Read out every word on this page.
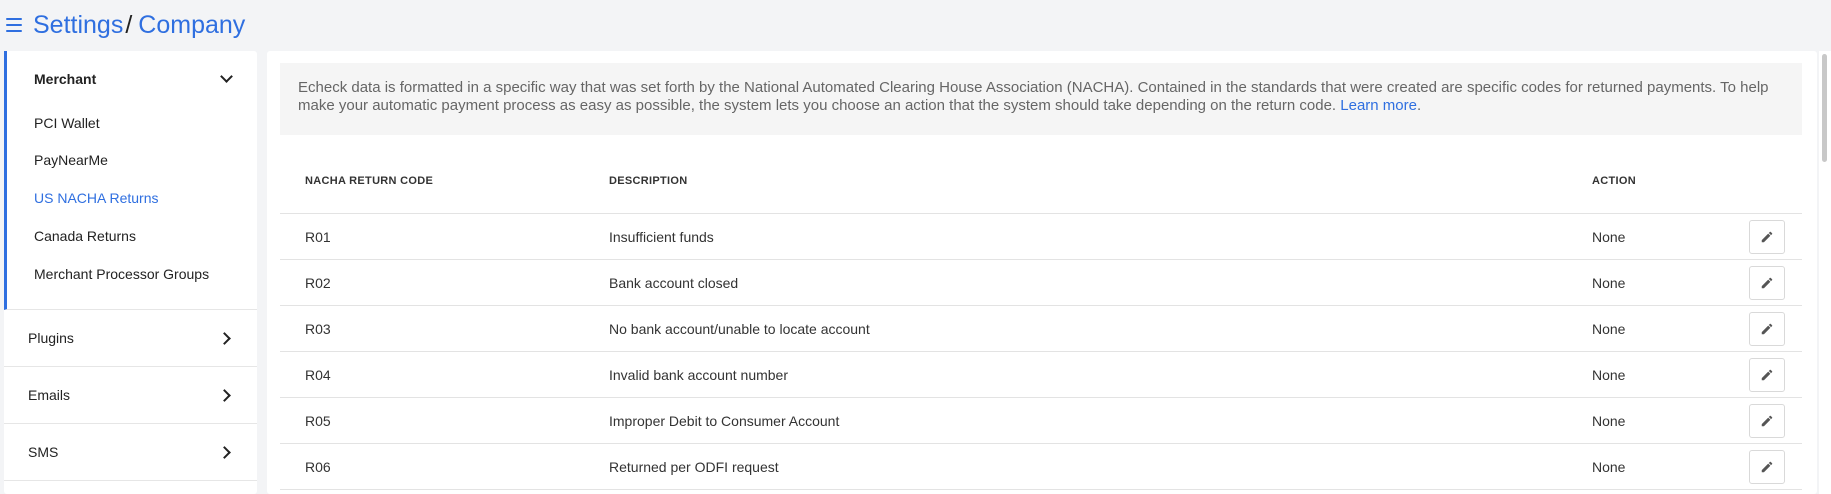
Settings / Company
Merchant
PCI Wallet
PayNearMe
US NACHA Returns
Canada Returns
Merchant Processor Groups
Plugins
Emails
SMS
Echeck data is formatted in a specific way that was set forth by the National Automated Clearing House Association (NACHA). Contained in the standards that were created are specific codes for returned payments. To help make your automatic payment process as easy as possible, the system lets you choose an action that the system should take depending on the return code. Learn more.
NACHA RETURN CODE	DESCRIPTION	ACTION
R01	Insufficient funds	None
R02	Bank account closed	None
R03	No bank account/unable to locate account	None
R04	Invalid bank account number	None
R05	Improper Debit to Consumer Account	None
R06	Returned per ODFI request	None
